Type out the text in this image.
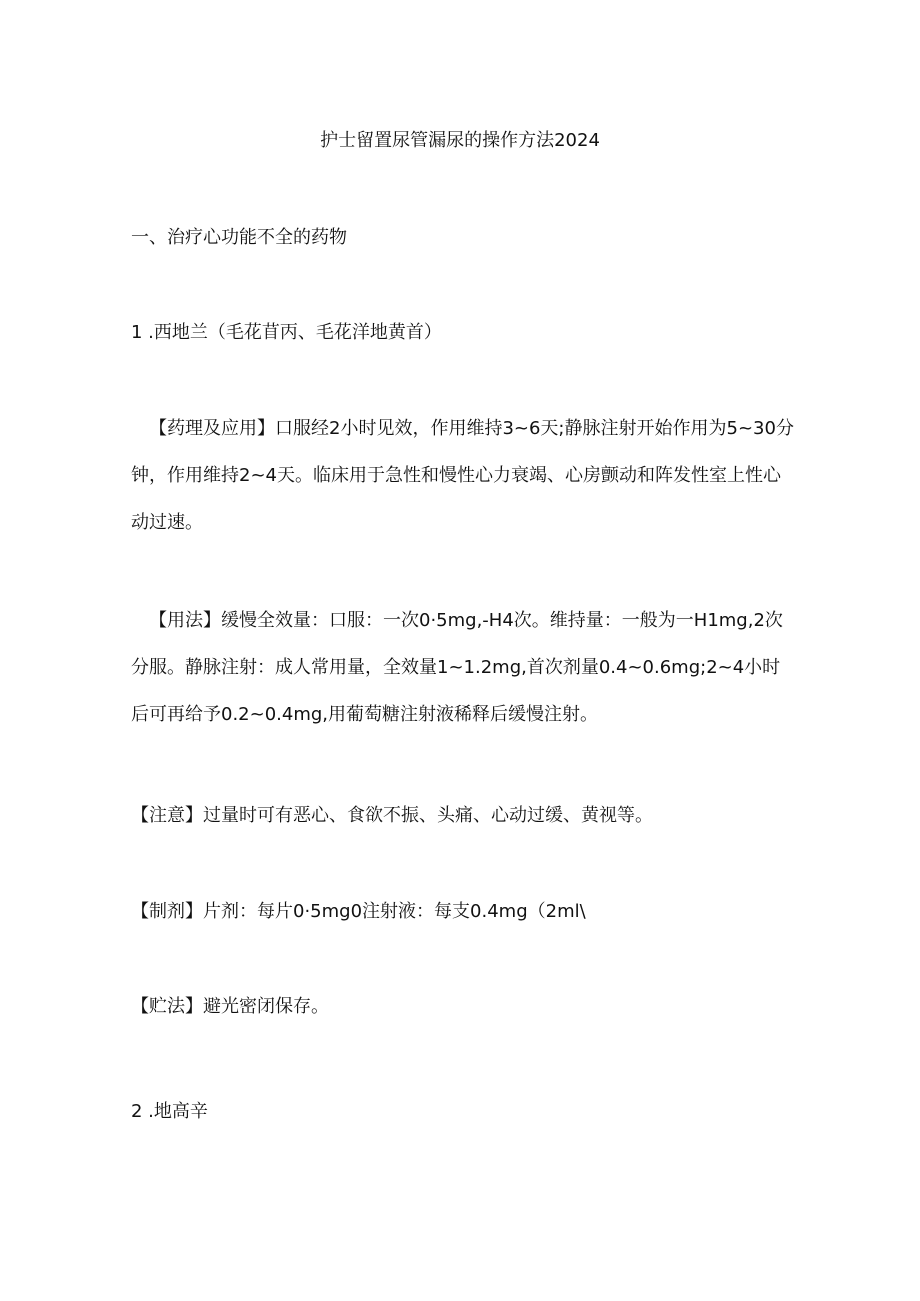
护士留置尿管漏尿的操作方法2024
一、治疗心功能不全的药物
1 .西地兰（毛花苜丙、毛花洋地黄首）
【药理及应用】口服经2小时见效，作用维持3~6天;静脉注射开始作用为5~30分钟，作用维持2~4天。临床用于急性和慢性心力衰竭、心房颤动和阵发性室上性心动过速。
【用法】缓慢全效量：口服：一次0·5mg,-H4次。维持量：一般为一H1mg,2次分服。静脉注射：成人常用量，全效量1~1.2mg,首次剂量0.4~0.6mg;2~4小时后可再给予0.2~0.4mg,用葡萄糖注射液稀释后缓慢注射。
【注意】过量时可有恶心、食欲不振、头痛、心动过缓、黄视等。
【制剂】片剂：每片0·5mg0注射液：每支0.4mg（2ml\
【贮法】避光密闭保存。
2 .地高辛
